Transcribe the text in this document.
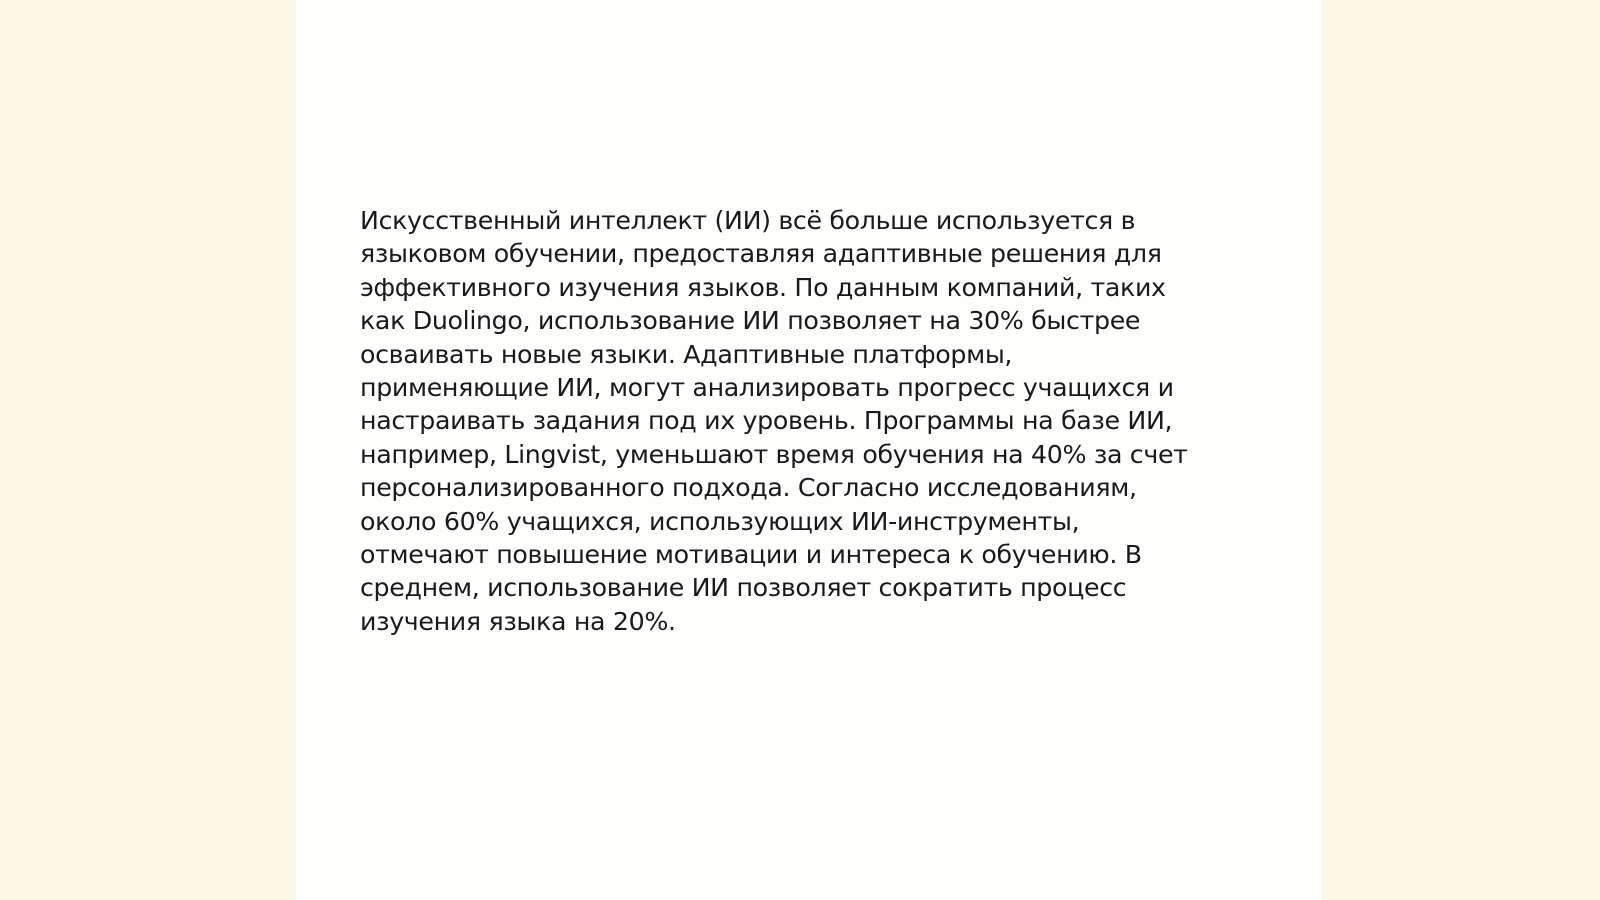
Искусственный интеллект (ИИ) всё больше используется в
языковом обучении, предоставляя адаптивные решения для
эффективного изучения языков. По данным компаний, таких
как Duolingo, использование ИИ позволяет на 30% быстрее
осваивать новые языки. Адаптивные платформы,
применяющие ИИ, могут анализировать прогресс учащихся и
настраивать задания под их уровень. Программы на базе ИИ,
например, Lingvist, уменьшают время обучения на 40% за счет
персонализированного подхода. Согласно исследованиям,
около 60% учащихся, использующих ИИ-инструменты,
отмечают повышение мотивации и интереса к обучению. В
среднем, использование ИИ позволяет сократить процесс
изучения языка на 20%.
